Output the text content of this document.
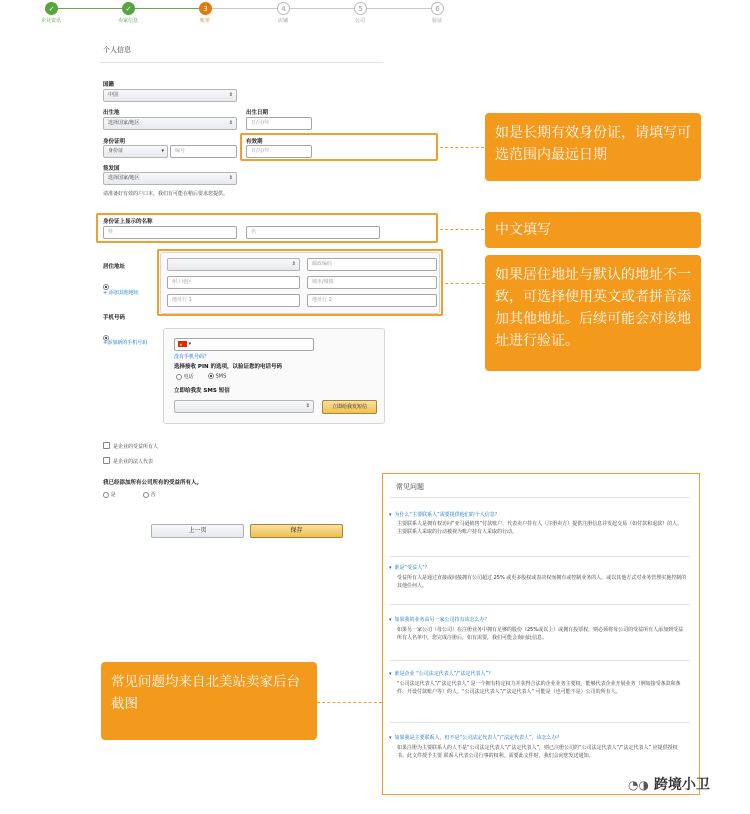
✓
企业资讯
✓
卖家信息
3
账单
4
店铺
5
公司
6
验证
个人信息
国籍
中国	⇕
出生地
选择国家/地区	⇕
出生日期
日/月/年
身份证明
身份证	▾	编号
有效期
日/月/年
签发国
选择国家/地区	⇕
请准备好有效的户口本，我们有可能在稍后要求您提供。
身份证上显示的名称
姓	名
居住地址
+ 添加其他地址
⇕	邮政编码
州 / 地区	城市/城镇
地址行 1	地址行 2
手机号码
+添加新的手机号码
★	▾
没有手机号码？
选择接收 PIN 的选项，以验证您的电话号码
电话	SMS
立即给我发 SMS 短信
⇕	立即给我发短信
是企业的受益所有人
是企业的法人代表
我已经添加所有公司所有的受益所有人。
是	否
上一页	保存
如是长期有效身份证，请填写可选范围内最远日期
中文填写
如果居住地址与默认的地址不一致，可选择使用英文或者拼音添加其他地址。后续可能会对该地址进行验证。
常见问题均来自北美站卖家后台截图
常见问题
▾ 为什么“主要联系人”需要提供他们的个人信息？
主要联系人是拥有权访问“亚马逊销售”付款账户，代表卖户持有人（注册卖方）提供注册信息并发起交易（如付款和退款）的人。主要联系人采取的行动被视为账户持有人采取的行动。
▾ 谁是“受益人”？
受益所有人是通过直接或间接拥有公司超过 25% 或更多股权或表决权而拥有或控制业务的人，或以其他方式对业务管理实施控制的其他任何人。
▾ 如果我的业务由另一家公司持有该怎么办？
如果另一家公司（母公司）在注册业务中拥有足够的股份（25%或以上）或拥有投票权，则必须将母公司的受益所有人添加到受益所有人名单中。您完成注册后，如有需要，我们可能会询问此信息。
▾ 谁是企业 “公司法定代表人”/“法定代表人”？
“公司法定代表人”/“法定代表人” 是一个拥有特定权力并获得合法的企业业务主要权，能够代表企业开展业务（例如接受条款和条件、开设付款账户等）的人。“公司法定代表人”/“法定代表人” 可能是（也可能不是）公司的所有人。
▾ 如果我是主要联系人，但不是“公司法定代表人”/“法定代表人”，该怎么办？
如果注册为主要联系人的人不是“公司法定代表人”/“法定代表人”，则已注册公司的“公司法定代表人”/“法定代表人” 应提供授权书。此文件授予主要 联系人代表公司行事的权利。需要此文件时，我们会向您发送通知。
◔◑ 跨境小卫
